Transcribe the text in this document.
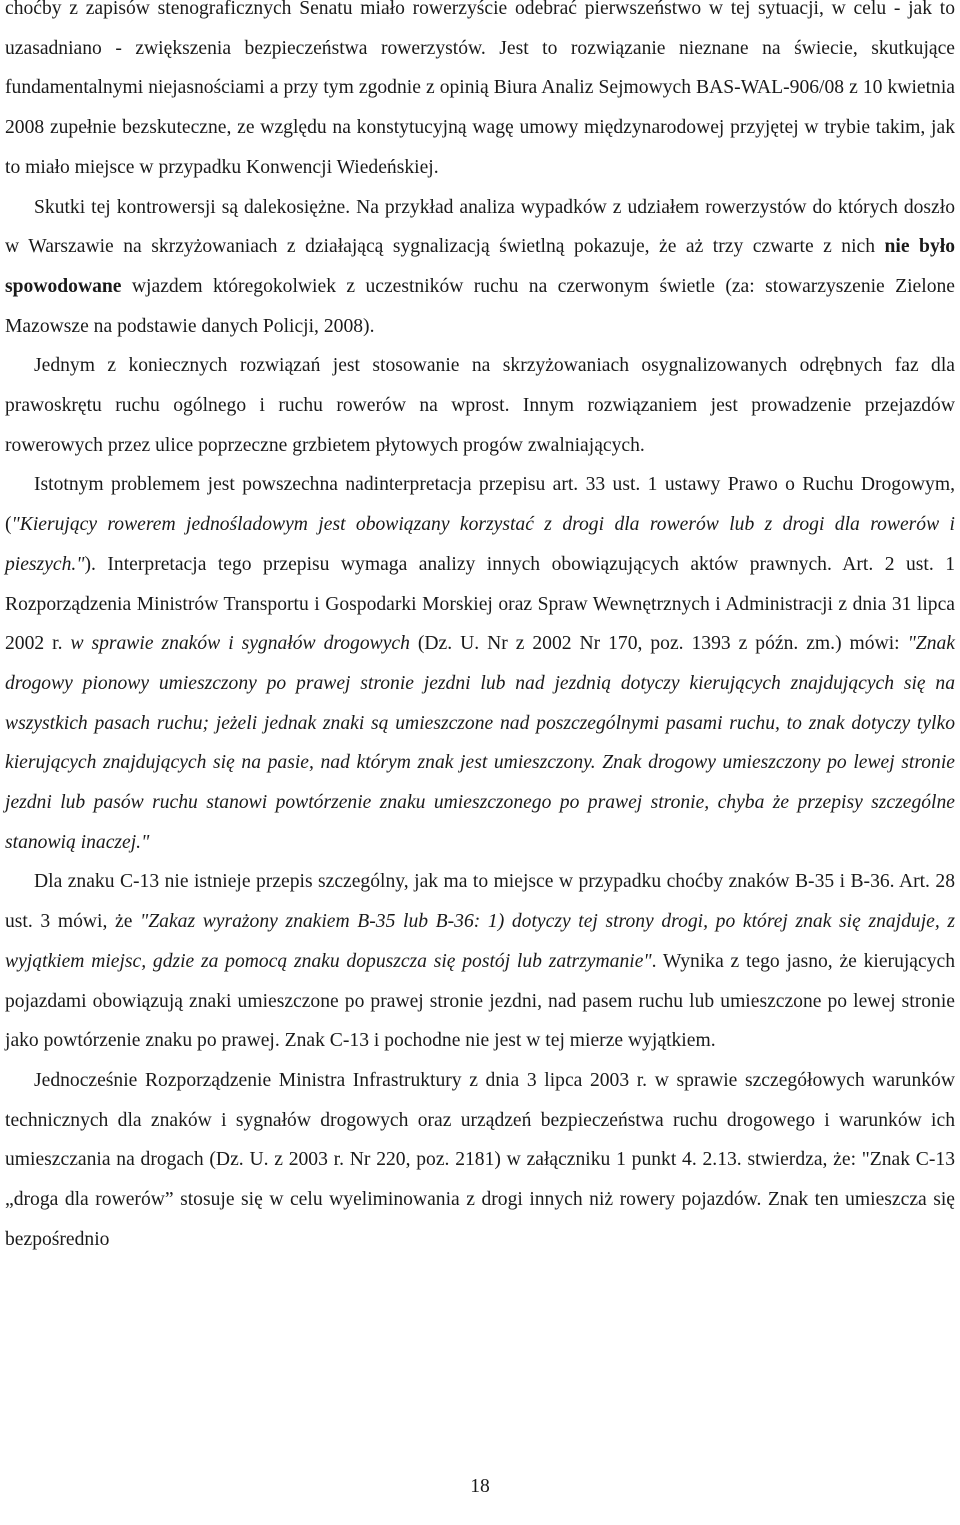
choćby z zapisów stenograficznych Senatu miało rowerzyście odebrać pierwszeństwo w tej sytuacji, w celu - jak to uzasadniano - zwiększenia bezpieczeństwa rowerzystów. Jest to rozwiązanie nieznane na świecie, skutkujące fundamentalnymi niejasnościami a przy tym zgodnie z opinią Biura Analiz Sejmowych BAS-WAL-906/08 z 10 kwietnia 2008 zupełnie bezskuteczne, ze względu na konstytucyjną wagę umowy międzynarodowej przyjętej w trybie takim, jak to miało miejsce w przypadku Konwencji Wiedeńskiej.

Skutki tej kontrowersji są dalekosiężne. Na przykład analiza wypadków z udziałem rowerzystów do których doszło w Warszawie na skrzyżowaniach z działającą sygnalizacją świetlną pokazuje, że aż trzy czwarte z nich nie było spowodowane wjazdem któregokolwiek z uczestników ruchu na czerwonym świetle (za: stowarzyszenie Zielone Mazowsze na podstawie danych Policji, 2008).

Jednym z koniecznych rozwiązań jest stosowanie na skrzyżowaniach osygnalizowanych odrębnych faz dla prawoskrętu ruchu ogólnego i ruchu rowerów na wprost. Innym rozwiązaniem jest prowadzenie przejazdów rowerowych przez ulice poprzeczne grzbietem płytowych progów zwalniających.

Istotnym problemem jest powszechna nadinterpretacja przepisu art. 33 ust. 1 ustawy Prawo o Ruchu Drogowym, ("Kierujący rowerem jednośladowym jest obowiązany korzystać z drogi dla rowerów lub z drogi dla rowerów i pieszych."). Interpretacja tego przepisu wymaga analizy innych obowiązujących aktów prawnych. Art. 2 ust. 1 Rozporządzenia Ministrów Transportu i Gospodarki Morskiej oraz Spraw Wewnętrznych i Administracji z dnia 31 lipca 2002 r. w sprawie znaków i sygnałów drogowych (Dz. U. Nr z 2002 Nr 170, poz. 1393 z późn. zm.) mówi: "Znak drogowy pionowy umieszczony po prawej stronie jezdni lub nad jezdnią dotyczy kierujących znajdujących się na wszystkich pasach ruchu; jeżeli jednak znaki są umieszczone nad poszczególnymi pasami ruchu, to znak dotyczy tylko kierujących znajdujących się na pasie, nad którym znak jest umieszczony. Znak drogowy umieszczony po lewej stronie jezdni lub pasów ruchu stanowi powtórzenie znaku umieszczonego po prawej stronie, chyba że przepisy szczególne stanowią inaczej."

Dla znaku C-13 nie istnieje przepis szczególny, jak ma to miejsce w przypadku choćby znaków B-35 i B-36. Art. 28 ust. 3 mówi, że "Zakaz wyrażony znakiem B-35 lub B-36: 1) dotyczy tej strony drogi, po której znak się znajduje, z wyjątkiem miejsc, gdzie za pomocą znaku dopuszcza się postój lub zatrzymanie". Wynika z tego jasno, że kierujących pojazdami obowiązują znaki umieszczone po prawej stronie jezdni, nad pasem ruchu lub umieszczone po lewej stronie jako powtórzenie znaku po prawej. Znak C-13 i pochodne nie jest w tej mierze wyjątkiem.

Jednocześnie Rozporządzenie Ministra Infrastruktury z dnia 3 lipca 2003 r. w sprawie szczegółowych warunków technicznych dla znaków i sygnałów drogowych oraz urządzeń bezpieczeństwa ruchu drogowego i warunków ich umieszczania na drogach (Dz. U. z 2003 r. Nr 220, poz. 2181) w załączniku 1 punkt 4. 2.13. stwierdza, że: "Znak C-13 „droga dla rowerów” stosuje się w celu wyeliminowania z drogi innych niż rowery pojazdów. Znak ten umieszcza się bezpośrednio

18
